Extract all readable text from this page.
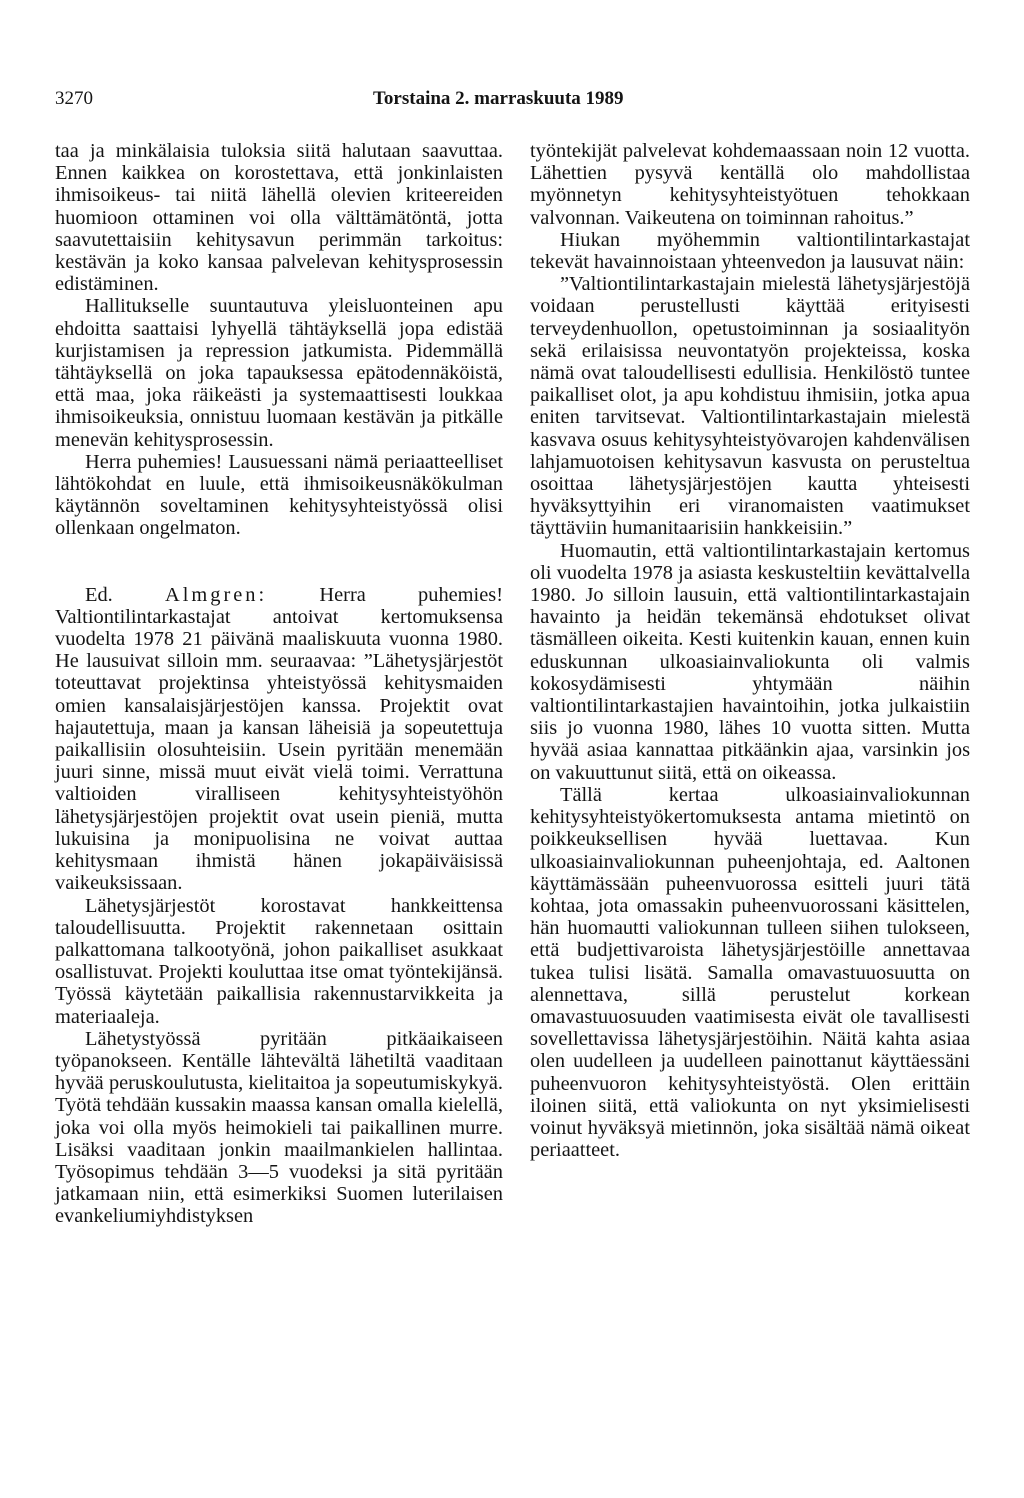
3270	Torstaina 2. marraskuuta 1989

taa ja minkälaisia tuloksia siitä halutaan saavuttaa. Ennen kaikkea on korostettava, että jonkinlaisten ihmisoikeus- tai niitä lähellä olevien kriteereiden huomioon ottaminen voi olla välttämätöntä, jotta saavutettaisiin kehitysavun perimmän tarkoitus: kestävän ja koko kansaa palvelevan kehitysprosessin edistäminen.

Hallitukselle suuntautuva yleisluonteinen apu ehdoitta saattaisi lyhyellä tähtäyksellä jopa edistää kurjistamisen ja repression jatkumista. Pidemmällä tähtäyksellä on joka tapauksessa epätodennäköistä, että maa, joka räikeästi ja systemaattisesti loukkaa ihmisoikeuksia, onnistuu luomaan kestävän ja pitkälle menevän kehitysprosessin.

Herra puhemies! Lausuessani nämä periaatteelliset lähtökohdat en luule, että ihmisoikeusnäkökulman käytännön soveltaminen kehitysyhteistyössä olisi ollenkaan ongelmaton.

Ed.	Almgren:	Herra puhemies! Valtiontilintarkastajat antoivat kertomuksensa vuodelta 1978 21 päivänä maaliskuuta vuonna 1980. He lausuivat silloin mm. seuraavaa: ”Lähetysjärjestöt toteuttavat projektinsa yhteistyössä kehitysmaiden omien kansalaisjärjestöjen kanssa. Projektit ovat hajautettuja, maan ja kansan läheisiä ja sopeutettuja paikallisiin olosuhteisiin. Usein pyritään menemään juuri sinne, missä muut eivät vielä toimi. Verrattuna valtioiden viralliseen kehitysyhteistyöhön lähetysjärjestöjen projektit ovat usein pieniä, mutta lukuisina ja monipuolisina ne voivat auttaa kehitysmaan ihmistä hänen jokapäiväisissä vaikeuksissaan.

Lähetysjärjestöt korostavat hankkeittensa taloudellisuutta. Projektit rakennetaan osittain palkattomana talkootyönä, johon paikalliset asukkaat osallistuvat. Projekti kouluttaa itse omat työntekijänsä. Työssä käytetään paikallisia rakennustarvikkeita ja materiaaleja.

Lähetystyössä pyritään pitkäaikaiseen työpanokseen. Kentälle lähtevältä lähetiltä vaaditaan hyvää peruskoulutusta, kielitaitoa ja sopeutumiskykyä. Työtä tehdään kussakin maassa kansan omalla kielellä, joka voi olla myös heimokieli tai paikallinen murre. Lisäksi vaaditaan jonkin maailmankielen hallintaa. Työsopimus tehdään 3—5 vuodeksi ja sitä pyritään jatkamaan niin, että esimerkiksi Suomen luterilaisen evankeliumiyhdistyksen

työntekijät palvelevat kohdemaassaan noin 12 vuotta. Lähettien pysyvä kentällä olo mahdollistaa myönnetyn kehitysyhteistyötuen tehokkaan valvonnan. Vaikeutena on toiminnan rahoitus.”

Hiukan myöhemmin valtiontilintarkastajat tekevät havainnoistaan yhteenvedon ja lausuvat näin:

”Valtiontilintarkastajain mielestä lähetysjärjestöjä voidaan perustellusti käyttää erityisesti terveydenhuollon, opetustoiminnan ja sosiaalityön sekä erilaisissa neuvontatyön projekteissa, koska nämä ovat taloudellisesti edullisia. Henkilöstö tuntee paikalliset olot, ja apu kohdistuu ihmisiin, jotka apua eniten tarvitsevat. Valtiontilintarkastajain mielestä kasvava osuus kehitysyhteistyövarojen kahdenvälisen lahjamuotoisen kehitysavun kasvusta on perusteltua osoittaa lähetysjärjestöjen kautta yhteisesti hyväksyttyihin eri viranomaisten vaatimukset täyttäviin humanitaarisiin hankkeisiin.”

Huomautin, että valtiontilintarkastajain kertomus oli vuodelta 1978 ja asiasta keskusteltiin kevättalvella 1980. Jo silloin lausuin, että valtiontilintarkastajain havainto ja heidän tekemänsä ehdotukset olivat täsmälleen oikeita. Kesti kuitenkin kauan, ennen kuin eduskunnan ulkoasiainvaliokunta oli valmis kokosydämisesti yhtymään näihin valtiontilintarkastajien havaintoihin, jotka julkaistiin siis jo vuonna 1980, lähes 10 vuotta sitten. Mutta hyvää asiaa kannattaa pitkäänkin ajaa, varsinkin jos on vakuuttunut siitä, että on oikeassa.

Tällä kertaa ulkoasiainvaliokunnan kehitysyhteistyökertomuksesta antama mietintö on poikkeuksellisen hyvää luettavaa. Kun ulkoasiainvaliokunnan puheenjohtaja, ed. Aaltonen käyttämässään puheenvuorossa esitteli juuri tätä kohtaa, jota omassakin puheenvuorossani käsittelen, hän huomautti valiokunnan tulleen siihen tulokseen, että budjettivaroista lähetysjärjestöille annettavaa tukea tulisi lisätä. Samalla omavastuuosuutta on alennettava, sillä perustelut korkean omavastuuosuuden vaatimisesta eivät ole tavallisesti sovellettavissa lähetysjärjestöihin. Näitä kahta asiaa olen uudelleen ja uudelleen painottanut käyttäessäni puheenvuoron kehitysyhteistyöstä. Olen erittäin iloinen siitä, että valiokunta on nyt yksimielisesti voinut hyväksyä mietinnön, joka sisältää nämä oikeat periaatteet.
